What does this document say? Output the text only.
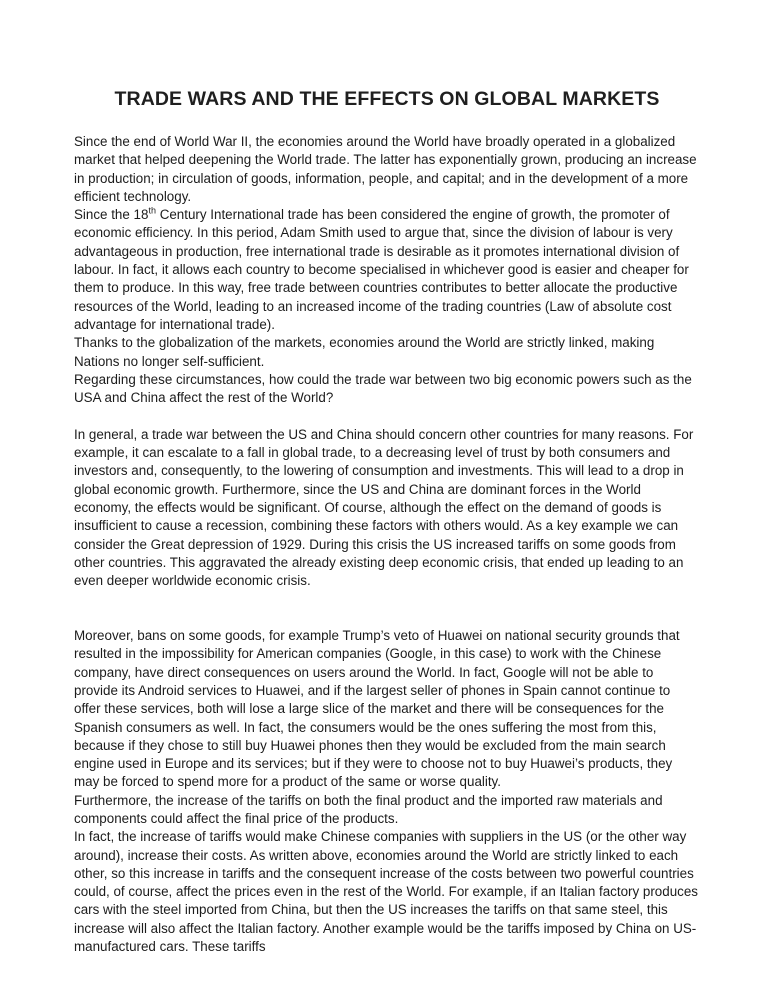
TRADE WARS AND THE EFFECTS ON GLOBAL MARKETS

Since the end of World War II, the economies around the World have broadly operated in a globalized market that helped deepening the World trade. The latter has exponentially grown, producing an increase in production; in circulation of goods, information, people, and capital; and in the development of a more efficient technology.

Since the 18th Century International trade has been considered the engine of growth, the promoter of economic efficiency. In this period, Adam Smith used to argue that, since the division of labour is very advantageous in production, free international trade is desirable as it promotes international division of labour. In fact, it allows each country to become specialised in whichever good is easier and cheaper for them to produce. In this way, free trade between countries contributes to better allocate the productive resources of the World, leading to an increased income of the trading countries (Law of absolute cost advantage for international trade).

Thanks to the globalization of the markets, economies around the World are strictly linked, making Nations no longer self-sufficient.

Regarding these circumstances, how could the trade war between two big economic powers such as the USA and China affect the rest of the World?

In general, a trade war between the US and China should concern other countries for many reasons. For example, it can escalate to a fall in global trade, to a decreasing level of trust by both consumers and investors and, consequently, to the lowering of consumption and investments. This will lead to a drop in global economic growth. Furthermore, since the US and China are dominant forces in the World economy, the effects would be significant. Of course, although the effect on the demand of goods is insufficient to cause a recession, combining these factors with others would. As a key example we can consider the Great depression of 1929. During this crisis the US increased tariffs on some goods from other countries. This aggravated the already existing deep economic crisis, that ended up leading to an even deeper worldwide economic crisis.

Moreover, bans on some goods, for example Trump’s veto of Huawei on national security grounds that resulted in the impossibility for American companies (Google, in this case) to work with the Chinese company, have direct consequences on users around the World. In fact, Google will not be able to provide its Android services to Huawei, and if the largest seller of phones in Spain cannot continue to offer these services, both will lose a large slice of the market and there will be consequences for the Spanish consumers as well. In fact, the consumers would be the ones suffering the most from this, because if they chose to still buy Huawei phones then they would be excluded from the main search engine used in Europe and its services; but if they were to choose not to buy Huawei’s products, they may be forced to spend more for a product of the same or worse quality.

Furthermore, the increase of the tariffs on both the final product and the imported raw materials and components could affect the final price of the products.

In fact, the increase of tariffs would make Chinese companies with suppliers in the US (or the other way around), increase their costs. As written above, economies around the World are strictly linked to each other, so this increase in tariffs and the consequent increase of the costs between two powerful countries could, of course, affect the prices even in the rest of the World. For example, if an Italian factory produces cars with the steel imported from China, but then the US increases the tariffs on that same steel, this increase will also affect the Italian factory. Another example would be the tariffs imposed by China on US-manufactured cars. These tariffs
